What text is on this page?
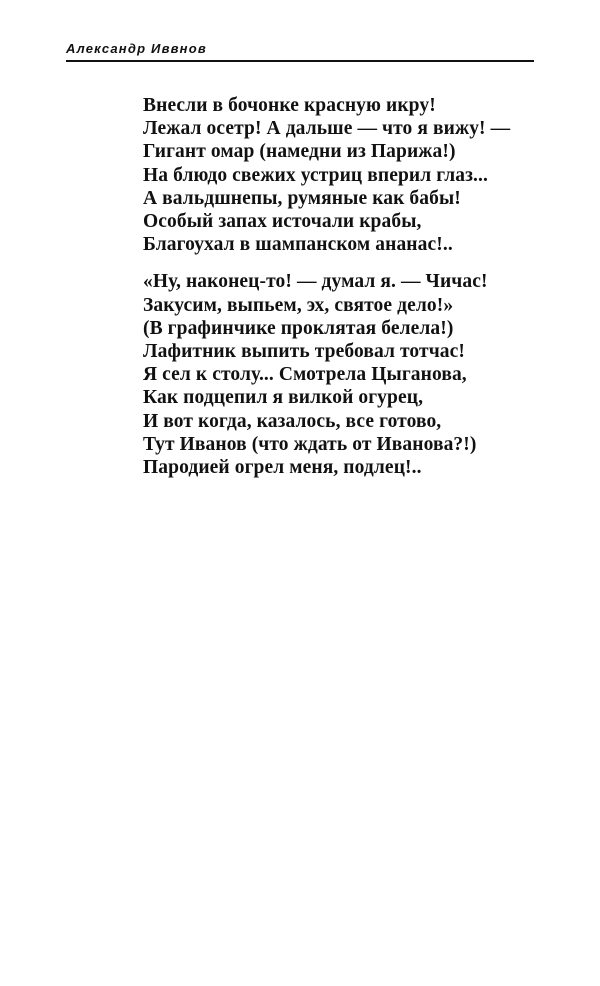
Александр Иввнов
Внесли в бочонке красную икру!
Лежал осетр! А дальше — что я вижу! —
Гигант омар (намедни из Парижа!)
На блюдо свежих устриц вперил глаз...
А вальдшнепы, румяные как бабы!
Особый запах источали крабы,
Благоухал в шампанском ананас!..
«Ну, наконец-то! — думал я. — Чичас!
Закусим, выпьем, эх, святое дело!»
(В графинчике проклятая белела!)
Лафитник выпить требовал тотчас!
Я сел к столу... Смотрела Цыганова,
Как подцепил я вилкой огурец,
И вот когда, казалось, все готово,
Тут Иванов (что ждать от Иванова?!)
Пародией огрел меня, подлец!..
